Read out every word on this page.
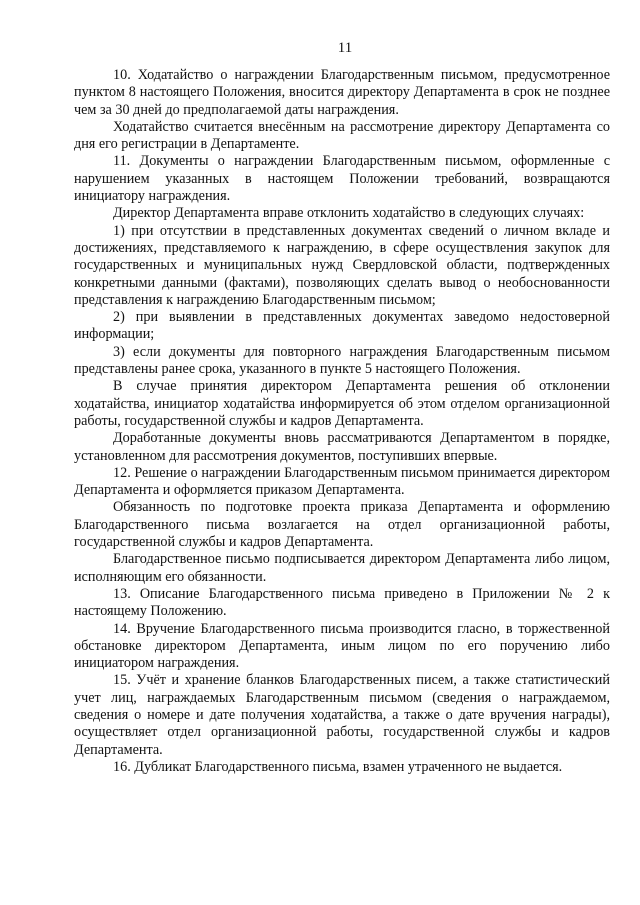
11

10. Ходатайство о награждении Благодарственным письмом, предусмотренное пунктом 8 настоящего Положения, вносится директору Департамента в срок не позднее чем за 30 дней до предполагаемой даты награждения.

Ходатайство считается внесённым на рассмотрение директору Департамента со дня его регистрации в Департаменте.

11. Документы о награждении Благодарственным письмом, оформленные с нарушением указанных в настоящем Положении требований, возвращаются инициатору награждения.

Директор Департамента вправе отклонить ходатайство в следующих случаях:

1) при отсутствии в представленных документах сведений о личном вкладе и достижениях, представляемого к награждению, в сфере осуществления закупок для государственных и муниципальных нужд Свердловской области, подтвержденных конкретными данными (фактами), позволяющих сделать вывод о необоснованности представления к награждению Благодарственным письмом;

2) при выявлении в представленных документах заведомо недостоверной информации;

3) если документы для повторного награждения Благодарственным письмом представлены ранее срока, указанного в пункте 5 настоящего Положения.

В случае принятия директором Департамента решения об отклонении ходатайства, инициатор ходатайства информируется об этом отделом организационной работы, государственной службы и кадров Департамента.

Доработанные документы вновь рассматриваются Департаментом в порядке, установленном для рассмотрения документов, поступивших впервые.

12. Решение о награждении Благодарственным письмом принимается директором Департамента и оформляется приказом Департамента.

Обязанность по подготовке проекта приказа Департамента и оформлению Благодарственного письма возлагается на отдел организационной работы, государственной службы и кадров Департамента.

Благодарственное письмо подписывается директором Департамента либо лицом, исполняющим его обязанности.

13. Описание Благодарственного письма приведено в Приложении № 2 к настоящему Положению.

14. Вручение Благодарственного письма производится гласно, в торжественной обстановке директором Департамента, иным лицом по его поручению либо инициатором награждения.

15. Учёт и хранение бланков Благодарственных писем, а также статистический учет лиц, награждаемых Благодарственным письмом (сведения о награждаемом, сведения о номере и дате получения ходатайства, а также о дате вручения награды), осуществляет отдел организационной работы, государственной службы и кадров Департамента.

16. Дубликат Благодарственного письма, взамен утраченного не выдается.
